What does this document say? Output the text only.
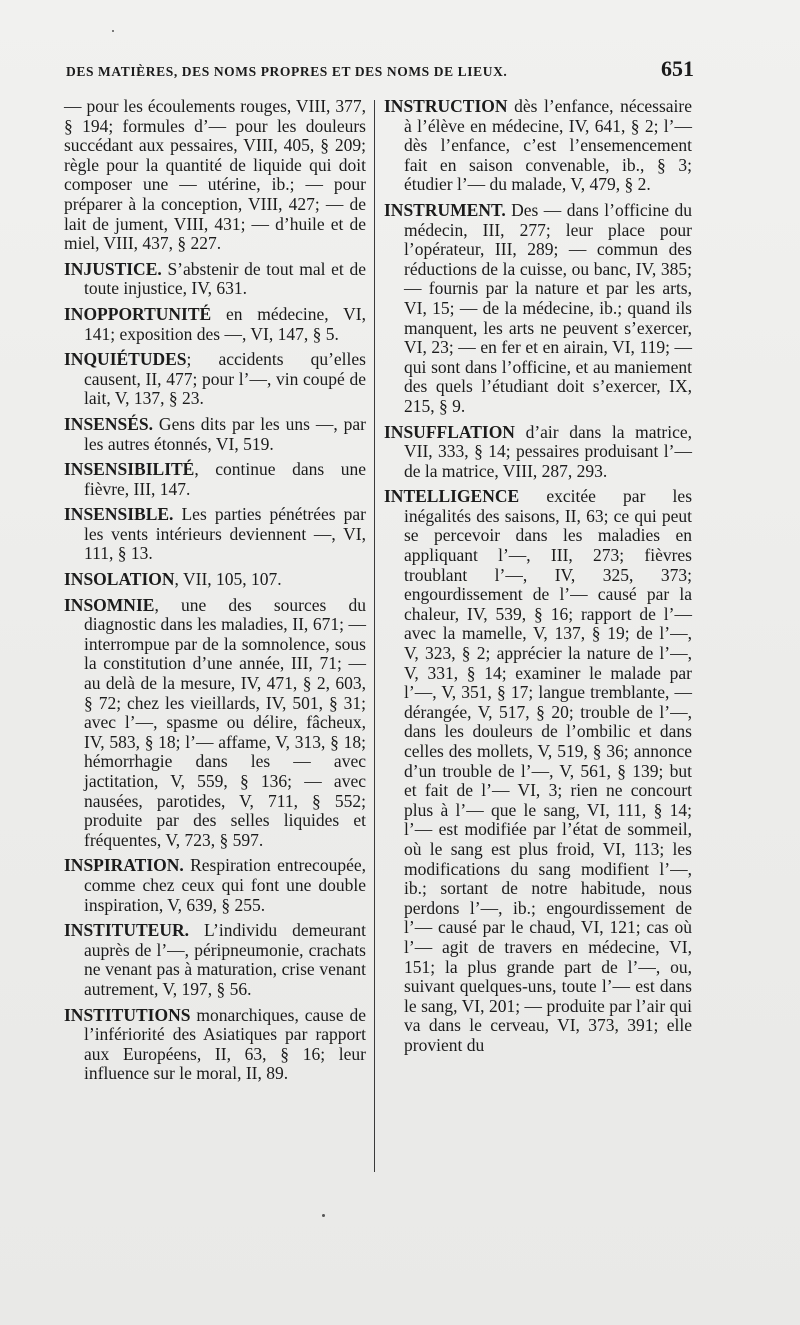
DES MATIÈRES, DES NOMS PROPRES ET DES NOMS DE LIEUX.	651

— pour les écoulements rouges, VIII, 377, § 194; formules d’— pour les douleurs succédant aux pessaires, VIII, 405, § 209; règle pour la quantité de liquide qui doit composer une — utérine, ib.; — pour préparer à la conception, VIII, 427; — de lait de jument, VIII, 431; — d’huile et de miel, VIII, 437, § 227.

INJUSTICE. S’abstenir de tout mal et de toute injustice, IV, 631.

INOPPORTUNITÉ en médecine, VI, 141; exposition des —, VI, 147, § 5.

INQUIÉTUDES; accidents qu’elles causent, II, 477; pour l’—, vin coupé de lait, V, 137, § 23.

INSENSÉS. Gens dits par les uns —, par les autres étonnés, VI, 519.

INSENSIBILITÉ, continue dans une fièvre, III, 147.

INSENSIBLE. Les parties pénétrées par les vents intérieurs deviennent —, VI, 111, § 13.

INSOLATION, VII, 105, 107.

INSOMNIE, une des sources du diagnostic dans les maladies, II, 671; — interrompue par de la somnolence, sous la constitution d’une année, III, 71; — au delà de la mesure, IV, 471, § 2, 603, § 72; chez les vieillards, IV, 501, § 31; avec l’—, spasme ou délire, fâcheux, IV, 583, § 18; l’— affame, V, 313, § 18; hémorrhagie dans les — avec jactitation, V, 559, § 136; — avec nausées, parotides, V, 711, § 552; produite par des selles liquides et fréquentes, V, 723, § 597.

INSPIRATION. Respiration entrecoupée, comme chez ceux qui font une double inspiration, V, 639, § 255.

INSTITUTEUR. L’individu demeurant auprès de l’—, péripneumonie, crachats ne venant pas à maturation, crise venant autrement, V, 197, § 56.

INSTITUTIONS monarchiques, cause de l’infériorité des Asiatiques par rapport aux Européens, II, 63, § 16; leur influence sur le moral, II, 89.

INSTRUCTION dès l’enfance, nécessaire à l’élève en médecine, IV, 641, § 2; l’— dès l’enfance, c’est l’ensemencement fait en saison convenable, ib., § 3; étudier l’— du malade, V, 479, § 2.

INSTRUMENT. Des — dans l’officine du médecin, III, 277; leur place pour l’opérateur, III, 289; — commun des réductions de la cuisse, ou banc, IV, 385; — fournis par la nature et par les arts, VI, 15; — de la médecine, ib.; quand ils manquent, les arts ne peuvent s’exercer, VI, 23; — en fer et en airain, VI, 119; — qui sont dans l’officine, et au maniement des quels l’étudiant doit s’exercer, IX, 215, § 9.

INSUFFLATION d’air dans la matrice, VII, 333, § 14; pessaires produisant l’— de la matrice, VIII, 287, 293.

INTELLIGENCE excitée par les inégalités des saisons, II, 63; ce qui peut se percevoir dans les maladies en appliquant l’—, III, 273; fièvres troublant l’—, IV, 325, 373; engourdissement de l’— causé par la chaleur, IV, 539, § 16; rapport de l’— avec la mamelle, V, 137, § 19; de l’—, V, 323, § 2; apprécier la nature de l’—, V, 331, § 14; examiner le malade par l’—, V, 351, § 17; langue tremblante, — dérangée, V, 517, § 20; trouble de l’—, dans les douleurs de l’ombilic et dans celles des mollets, V, 519, § 36; annonce d’un trouble de l’—, V, 561, § 139; but et fait de l’— VI, 3; rien ne concourt plus à l’— que le sang, VI, 111, § 14; l’— est modifiée par l’état de sommeil, où le sang est plus froid, VI, 113; les modifications du sang modifient l’—, ib.; sortant de notre habitude, nous perdons l’—, ib.; engourdissement de l’— causé par le chaud, VI, 121; cas où l’— agit de travers en médecine, VI, 151; la plus grande part de l’—, ou, suivant quelques-uns, toute l’— est dans le sang, VI, 201; — produite par l’air qui va dans le cerveau, VI, 373, 391; elle provient du
